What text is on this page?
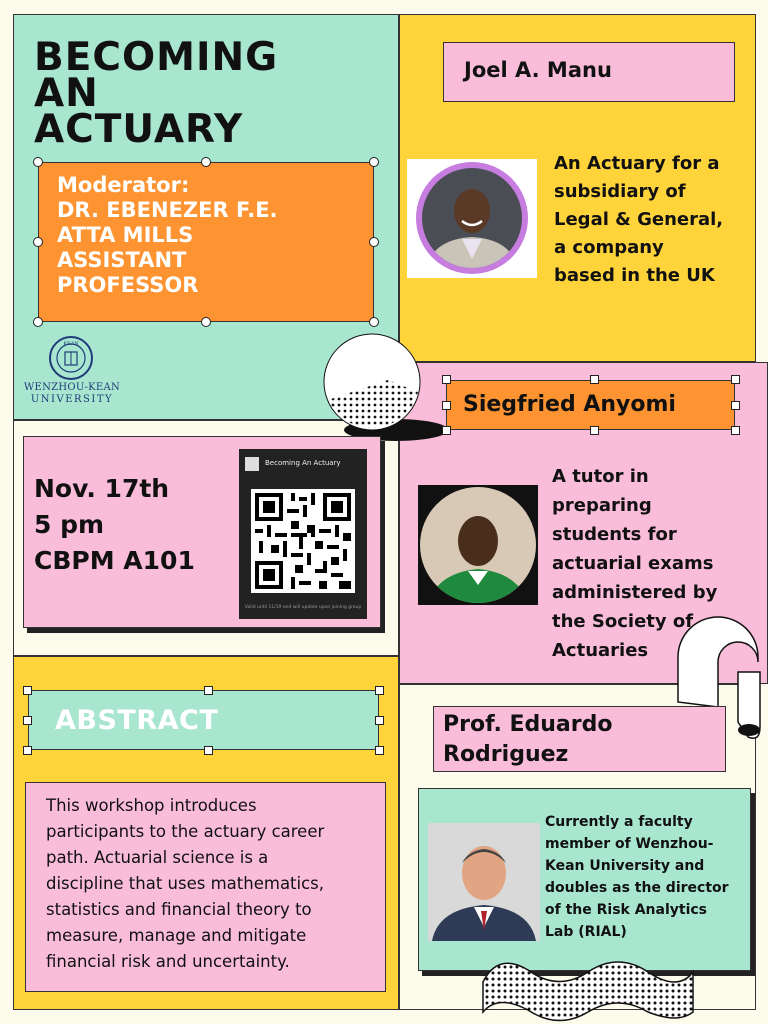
BECOMING
AN
ACTUARY
Moderator:
DR. EBENEZER F.E.
ATTA MILLS
ASSISTANT
PROFESSOR
KEAN
WENZHOU-KEAN
UNIVERSITY
Nov. 17th
5 pm
CBPM A101
Becoming An Actuary
Valid until 11/19 and will update upon joining group
Joel A. Manu
An Actuary for a
subsidiary of
Legal & General,
a company
based in the UK
Siegfried Anyomi
A tutor in
preparing
students for
actuarial exams
administered by
the Society of
Actuaries
ABSTRACT
This workshop introduces
participants to the actuary career
path. Actuarial science is a
discipline that uses mathematics,
statistics and financial theory to
measure, manage and mitigate
financial risk and uncertainty.
Prof. Eduardo
Rodriguez
Currently a faculty
member of Wenzhou-
Kean University and
doubles as the director
of the Risk Analytics
Lab (RIAL)
